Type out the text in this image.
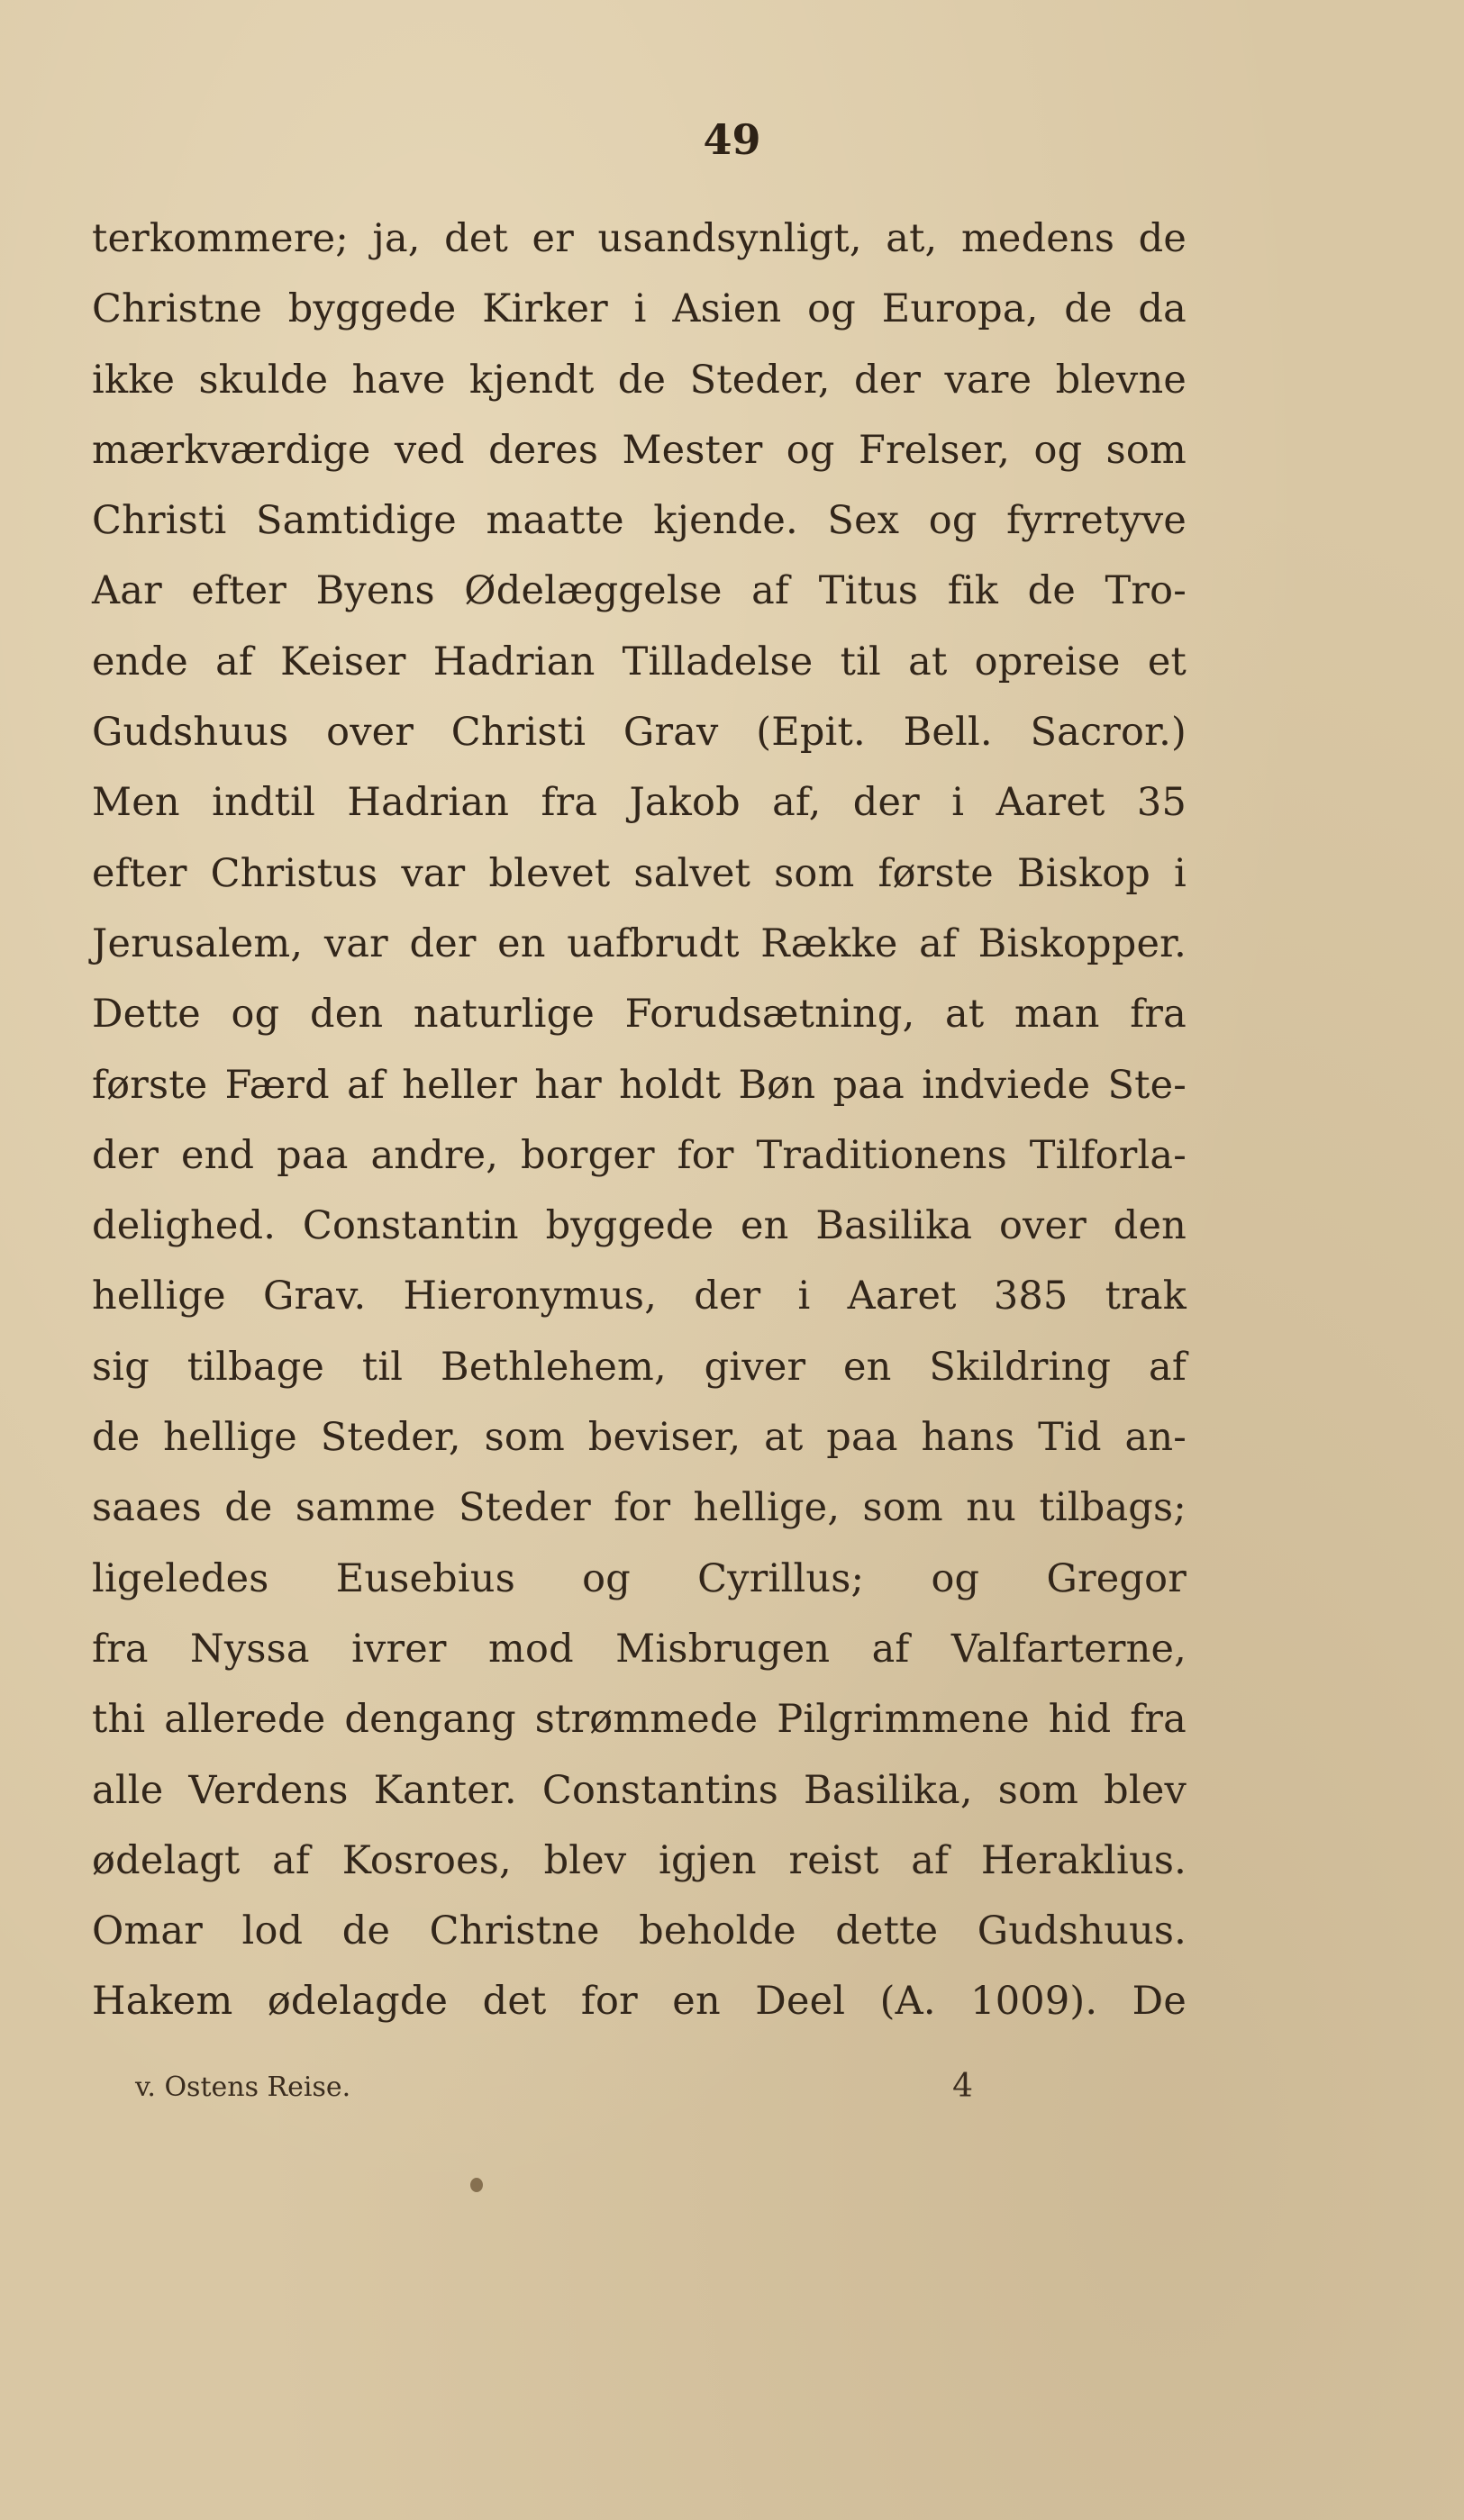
49
terkommere; ja, det er usandsynligt, at, medens de
Christne byggede Kirker i Asien og Europa, de da
ikke skulde have kjendt de Steder, der vare blevne
mærkværdige ved deres Mester og Frelser, og som
Christi Samtidige maatte kjende. Sex og fyrretyve
Aar efter Byens Ødelæggelse af Titus fik de Tro-
ende af Keiser Hadrian Tilladelse til at opreise et
Gudshuus over Christi Grav (Epit. Bell. Sacror.)
Men indtil Hadrian fra Jakob af, der i Aaret 35
efter Christus var blevet salvet som første Biskop i
Jerusalem, var der en uafbrudt Række af Biskopper.
Dette og den naturlige Forudsætning, at man fra
første Færd af heller har holdt Bøn paa indviede Ste-
der end paa andre, borger for Traditionens Tilforla-
delighed. Constantin byggede en Basilika over den
hellige Grav. Hieronymus, der i Aaret 385 trak
sig tilbage til Bethlehem, giver en Skildring af
de hellige Steder, som beviser, at paa hans Tid an-
saaes de samme Steder for hellige, som nu tilbags;
ligeledes Eusebius og Cyrillus; og Gregor
fra Nyssa ivrer mod Misbrugen af Valfarterne,
thi allerede dengang strømmede Pilgrimmene hid fra
alle Verdens Kanter. Constantins Basilika, som blev
ødelagt af Kosroes, blev igjen reist af Heraklius.
Omar lod de Christne beholde dette Gudshuus.
Hakem ødelagde det for en Deel (A. 1009). De
v. Ostens Reise.	4
